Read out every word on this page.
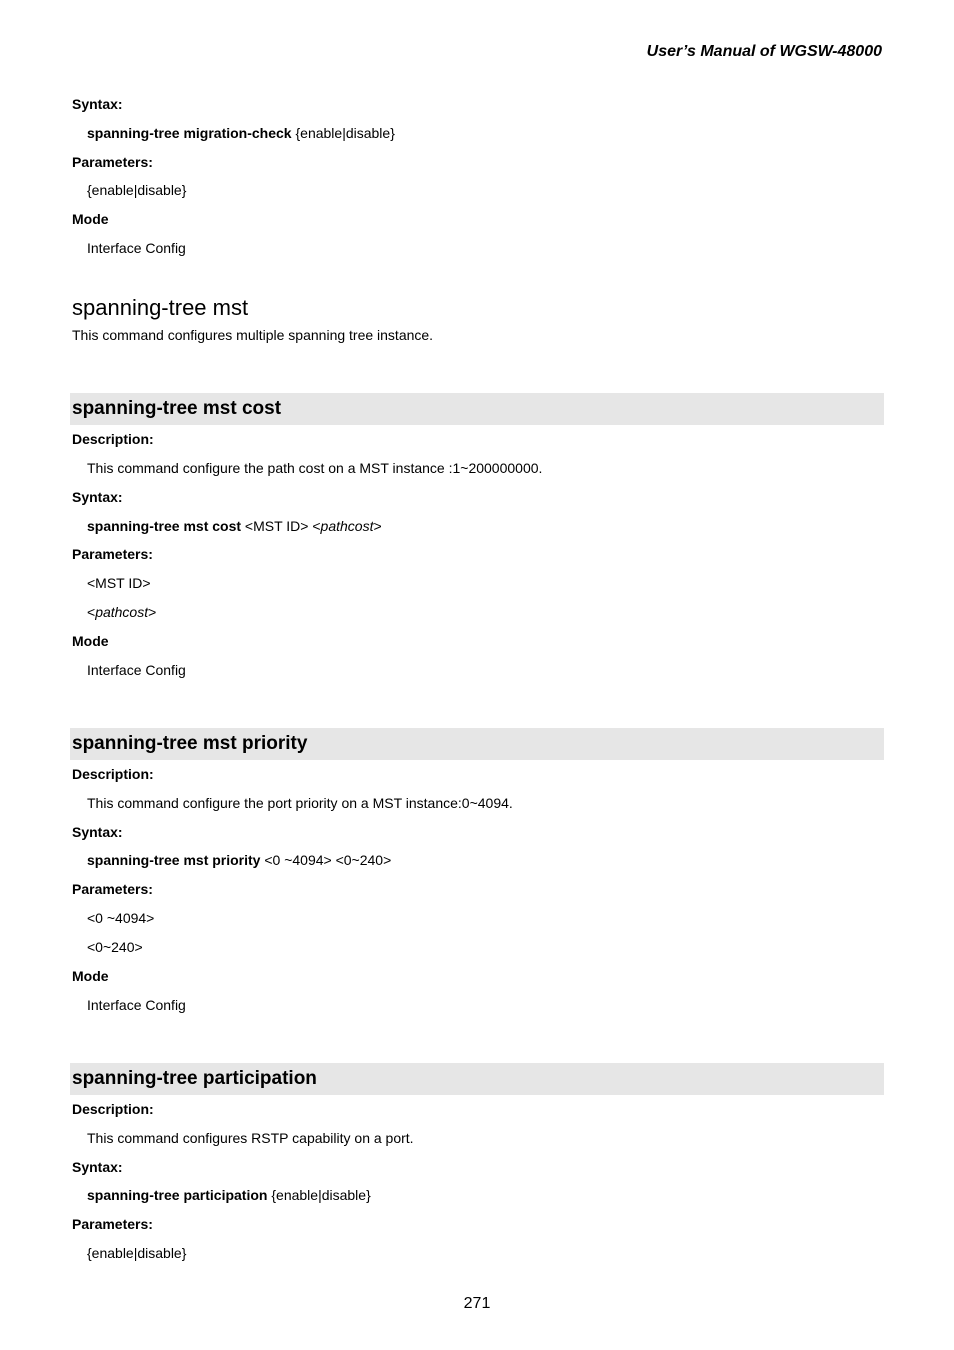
User’s Manual of WGSW-48000
Syntax:
spanning-tree migration-check {enable|disable}
Parameters:
{enable|disable}
Mode
Interface Config
spanning-tree mst
This command configures multiple spanning tree instance.
spanning-tree mst cost
Description:
This command configure the path cost on a MST instance :1~200000000.
Syntax:
spanning-tree mst cost <MST ID> <pathcost>
Parameters:
<MST ID>
<pathcost>
Mode
Interface Config
spanning-tree mst priority
Description:
This command configure the port priority on a MST instance:0~4094.
Syntax:
spanning-tree mst priority <0 ~4094> <0~240>
Parameters:
<0 ~4094>
<0~240>
Mode
Interface Config
spanning-tree participation
Description:
This command configures RSTP capability on a port.
Syntax:
spanning-tree participation {enable|disable}
Parameters:
{enable|disable}
271
